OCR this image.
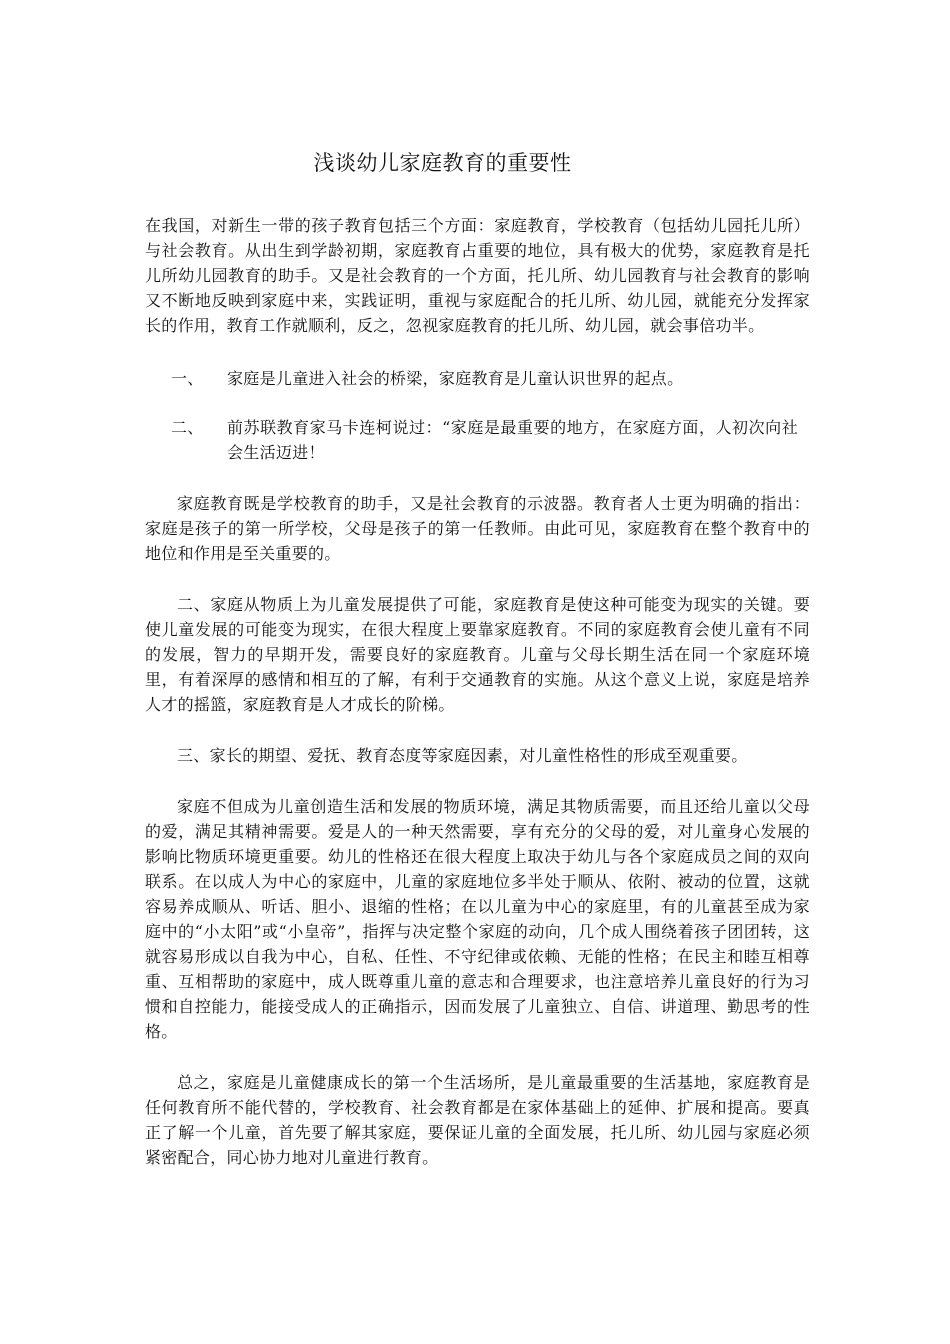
浅谈幼儿家庭教育的重要性

在我国，对新生一带的孩子教育包括三个方面：家庭教育，学校教育（包括幼儿园托儿所）与社会教育。从出生到学龄初期，家庭教育占重要的地位，具有极大的优势，家庭教育是托儿所幼儿园教育的助手。又是社会教育的一个方面，托儿所、幼儿园教育与社会教育的影响又不断地反映到家庭中来，实践证明，重视与家庭配合的托儿所、幼儿园，就能充分发挥家长的作用，教育工作就顺利，反之，忽视家庭教育的托儿所、幼儿园，就会事倍功半。

一、	家庭是儿童进入社会的桥梁，家庭教育是儿童认识世界的起点。
二、	前苏联教育家马卡连柯说过：“家庭是最重要的地方，在家庭方面，人初次向社会生活迈进！

家庭教育既是学校教育的助手，又是社会教育的示波器。教育者人士更为明确的指出：家庭是孩子的第一所学校，父母是孩子的第一任教师。由此可见，家庭教育在整个教育中的地位和作用是至关重要的。

二、家庭从物质上为儿童发展提供了可能，家庭教育是使这种可能变为现实的关键。要使儿童发展的可能变为现实，在很大程度上要靠家庭教育。不同的家庭教育会使儿童有不同的发展，智力的早期开发，需要良好的家庭教育。儿童与父母长期生活在同一个家庭环境里，有着深厚的感情和相互的了解，有利于交通教育的实施。从这个意义上说，家庭是培养人才的摇篮，家庭教育是人才成长的阶梯。

三、家长的期望、爱抚、教育态度等家庭因素，对儿童性格性的形成至观重要。

家庭不但成为儿童创造生活和发展的物质环境，满足其物质需要，而且还给儿童以父母的爱，满足其精神需要。爱是人的一种天然需要，享有充分的父母的爱，对儿童身心发展的影响比物质环境更重要。幼儿的性格还在很大程度上取决于幼儿与各个家庭成员之间的双向联系。在以成人为中心的家庭中，儿童的家庭地位多半处于顺从、依附、被动的位置，这就容易养成顺从、听话、胆小、退缩的性格；在以儿童为中心的家庭里，有的儿童甚至成为家庭中的“小太阳”或“小皇帝”，指挥与决定整个家庭的动向，几个成人围绕着孩子团团转，这就容易形成以自我为中心，自私、任性、不守纪律或依赖、无能的性格；在民主和睦互相尊重、互相帮助的家庭中，成人既尊重儿童的意志和合理要求，也注意培养儿童良好的行为习惯和自控能力，能接受成人的正确指示，因而发展了儿童独立、自信、讲道理、勤思考的性格。

总之，家庭是儿童健康成长的第一个生活场所，是儿童最重要的生活基地，家庭教育是任何教育所不能代替的，学校教育、社会教育都是在家体基础上的延伸、扩展和提高。要真正了解一个儿童，首先要了解其家庭，要保证儿童的全面发展，托儿所、幼儿园与家庭必须紧密配合，同心协力地对儿童进行教育。
